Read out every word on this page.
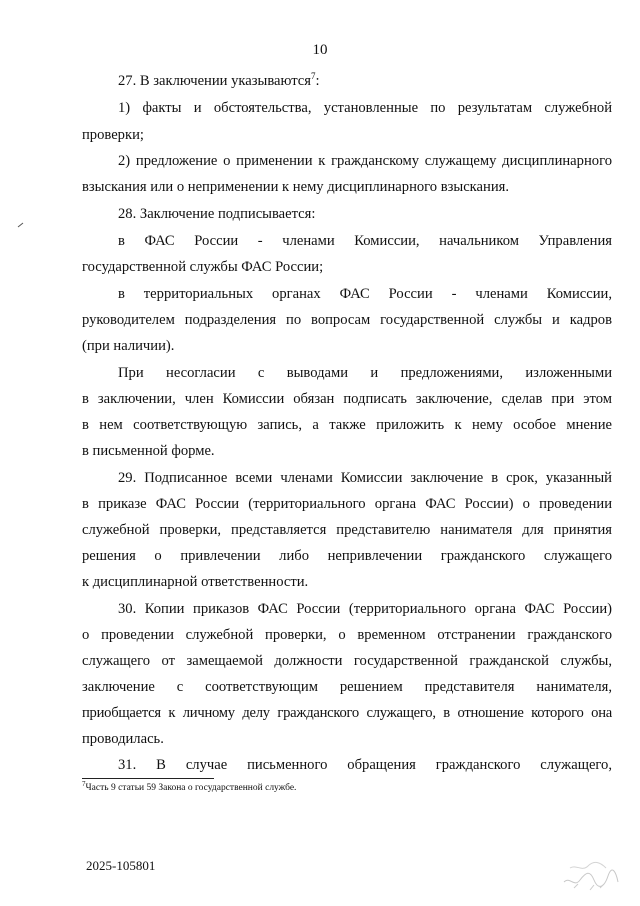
10
27. В заключении указываются$^7$:
1) факты и обстоятельства, установленные по результатам служебной
проверки;
2) предложение о применении к гражданскому служащему дисциплинарного
взыскания или о неприменении к нему дисциплинарного взыскания.
28. Заключение подписывается:
в ФАС России - членами Комиссии, начальником Управления
государственной службы ФАС России;
в территориальных органах ФАС России - членами Комиссии,
руководителем подразделения по вопросам государственной службы и кадров
(при наличии).
При несогласии с выводами и предложениями, изложенными
в заключении, член Комиссии обязан подписать заключение, сделав при этом
в нем соответствующую запись, а также приложить к нему особое мнение
в письменной форме.
29. Подписанное всеми членами Комиссии заключение в срок, указанный
в приказе ФАС России (территориального органа ФАС России) о проведении
служебной проверки, представляется представителю нанимателя для принятия
решения о привлечении либо непривлечении гражданского служащего
к дисциплинарной ответственности.
30. Копии приказов ФАС России (территориального органа ФАС России)
о проведении служебной проверки, о временном отстранении гражданского
служащего от замещаемой должности государственной гражданской службы,
заключение с соответствующим решением представителя нанимателя,
приобщается к личному делу гражданского служащего, в отношение которого она
проводилась.
31. В случае письменного обращения гражданского служащего,
$^7$Часть 9 статьи 59 Закона о государственной службе.
2025-105801
